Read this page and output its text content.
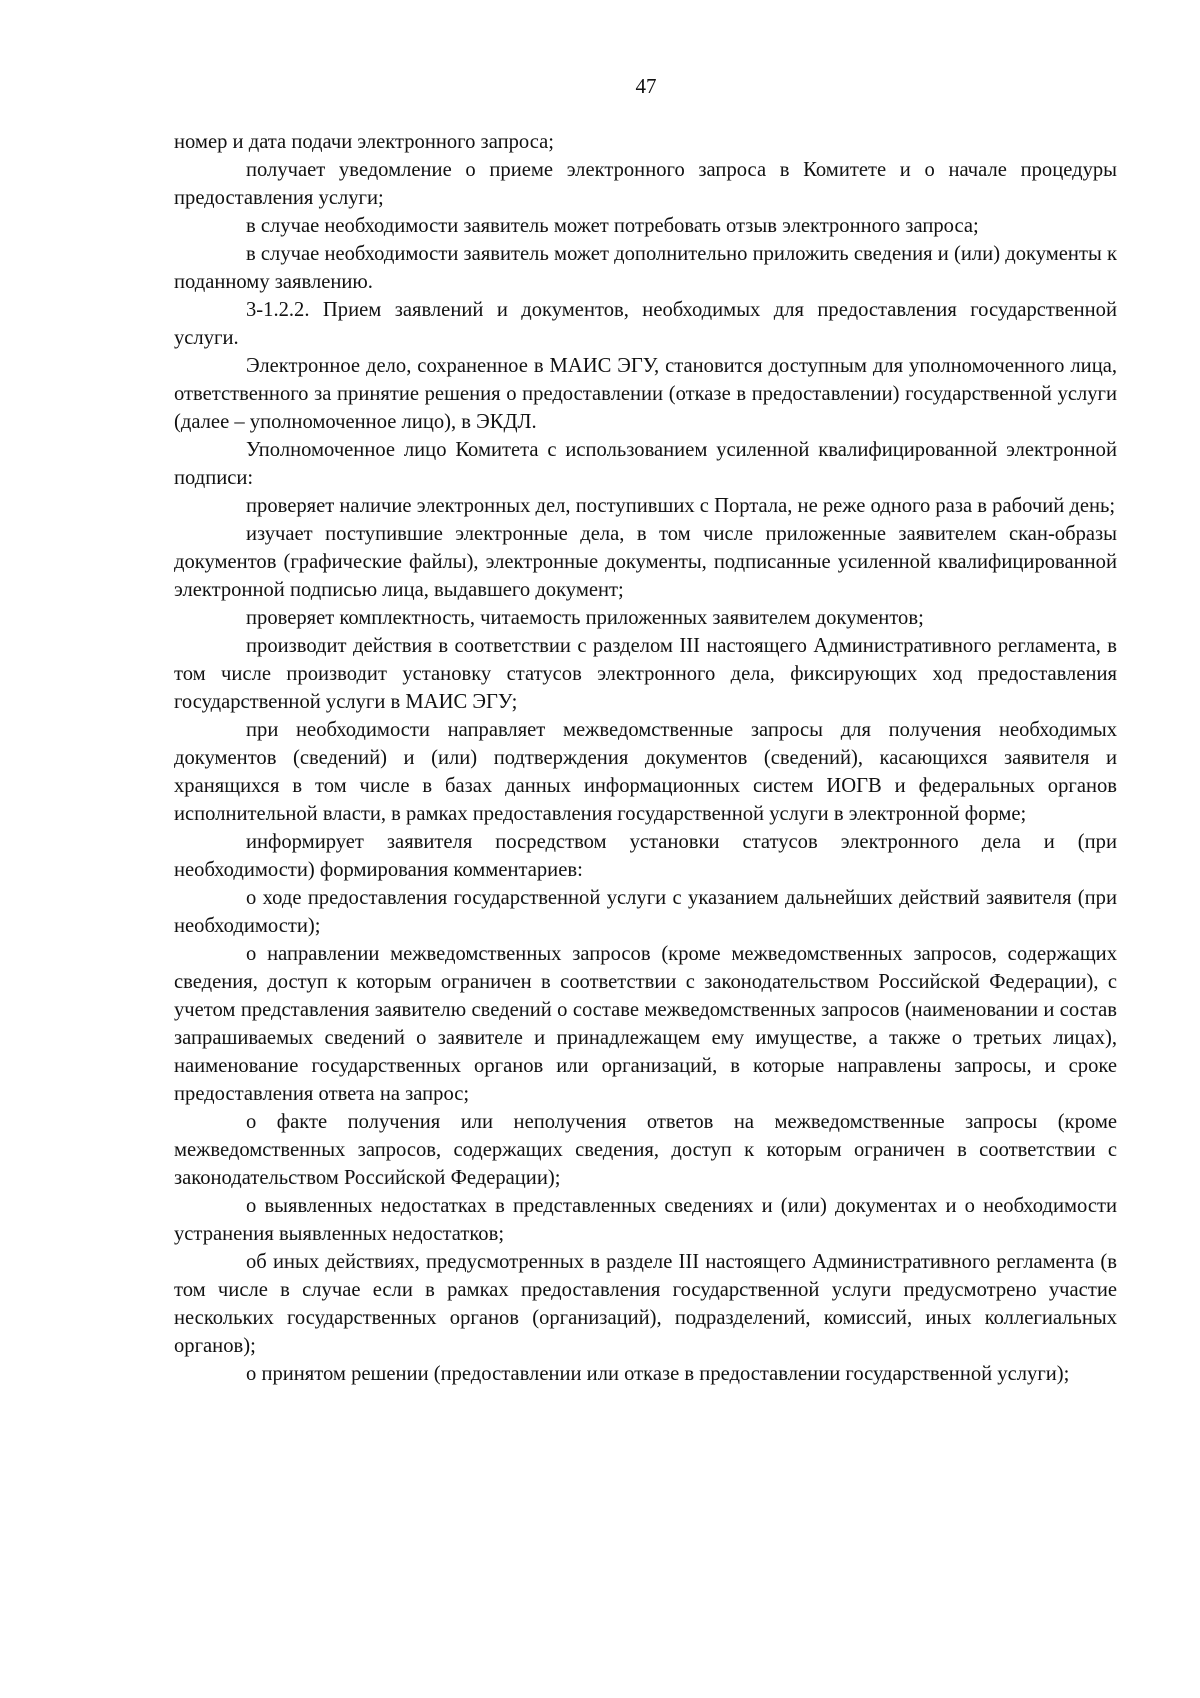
47

номер и дата подачи электронного запроса;

получает уведомление о приеме электронного запроса в Комитете и о начале процедуры предоставления услуги;

в случае необходимости заявитель может потребовать отзыв электронного запроса;

в случае необходимости заявитель может дополнительно приложить сведения и (или) документы к поданному заявлению.

3-1.2.2. Прием заявлений и документов, необходимых для предоставления государственной услуги.

Электронное дело, сохраненное в МАИС ЭГУ, становится доступным для уполномоченного лица, ответственного за принятие решения о предоставлении (отказе в предоставлении) государственной услуги (далее – уполномоченное лицо), в ЭКДЛ.

Уполномоченное лицо Комитета с использованием усиленной квалифицированной электронной подписи:

проверяет наличие электронных дел, поступивших с Портала, не реже одного раза в рабочий день;

изучает поступившие электронные дела, в том числе приложенные заявителем скан-образы документов (графические файлы), электронные документы, подписанные усиленной квалифицированной электронной подписью лица, выдавшего документ;

проверяет комплектность, читаемость приложенных заявителем документов;

производит действия в соответствии с разделом III настоящего Административного регламента, в том числе производит установку статусов электронного дела, фиксирующих ход предоставления государственной услуги в МАИС ЭГУ;

при необходимости направляет межведомственные запросы для получения необходимых документов (сведений) и (или) подтверждения документов (сведений), касающихся заявителя и хранящихся в том числе в базах данных информационных систем ИОГВ и федеральных органов исполнительной власти, в рамках предоставления государственной услуги в электронной форме;

информирует заявителя посредством установки статусов электронного дела и (при необходимости) формирования комментариев:

о ходе предоставления государственной услуги с указанием дальнейших действий заявителя (при необходимости);

о направлении межведомственных запросов (кроме межведомственных запросов, содержащих сведения, доступ к которым ограничен в соответствии с законодательством Российской Федерации), с учетом представления заявителю сведений о составе межведомственных запросов (наименовании и состав запрашиваемых сведений о заявителе и принадлежащем ему имуществе, а также о третьих лицах), наименование государственных органов или организаций, в которые направлены запросы, и сроке предоставления ответа на запрос;

о факте получения или неполучения ответов на межведомственные запросы (кроме межведомственных запросов, содержащих сведения, доступ к которым ограничен в соответствии с законодательством Российской Федерации);

о выявленных недостатках в представленных сведениях и (или) документах и о необходимости устранения выявленных недостатков;

об иных действиях, предусмотренных в разделе III настоящего Административного регламента (в том числе в случае если в рамках предоставления государственной услуги предусмотрено участие нескольких государственных органов (организаций), подразделений, комиссий, иных коллегиальных органов);

о принятом решении (предоставлении или отказе в предоставлении государственной услуги);
